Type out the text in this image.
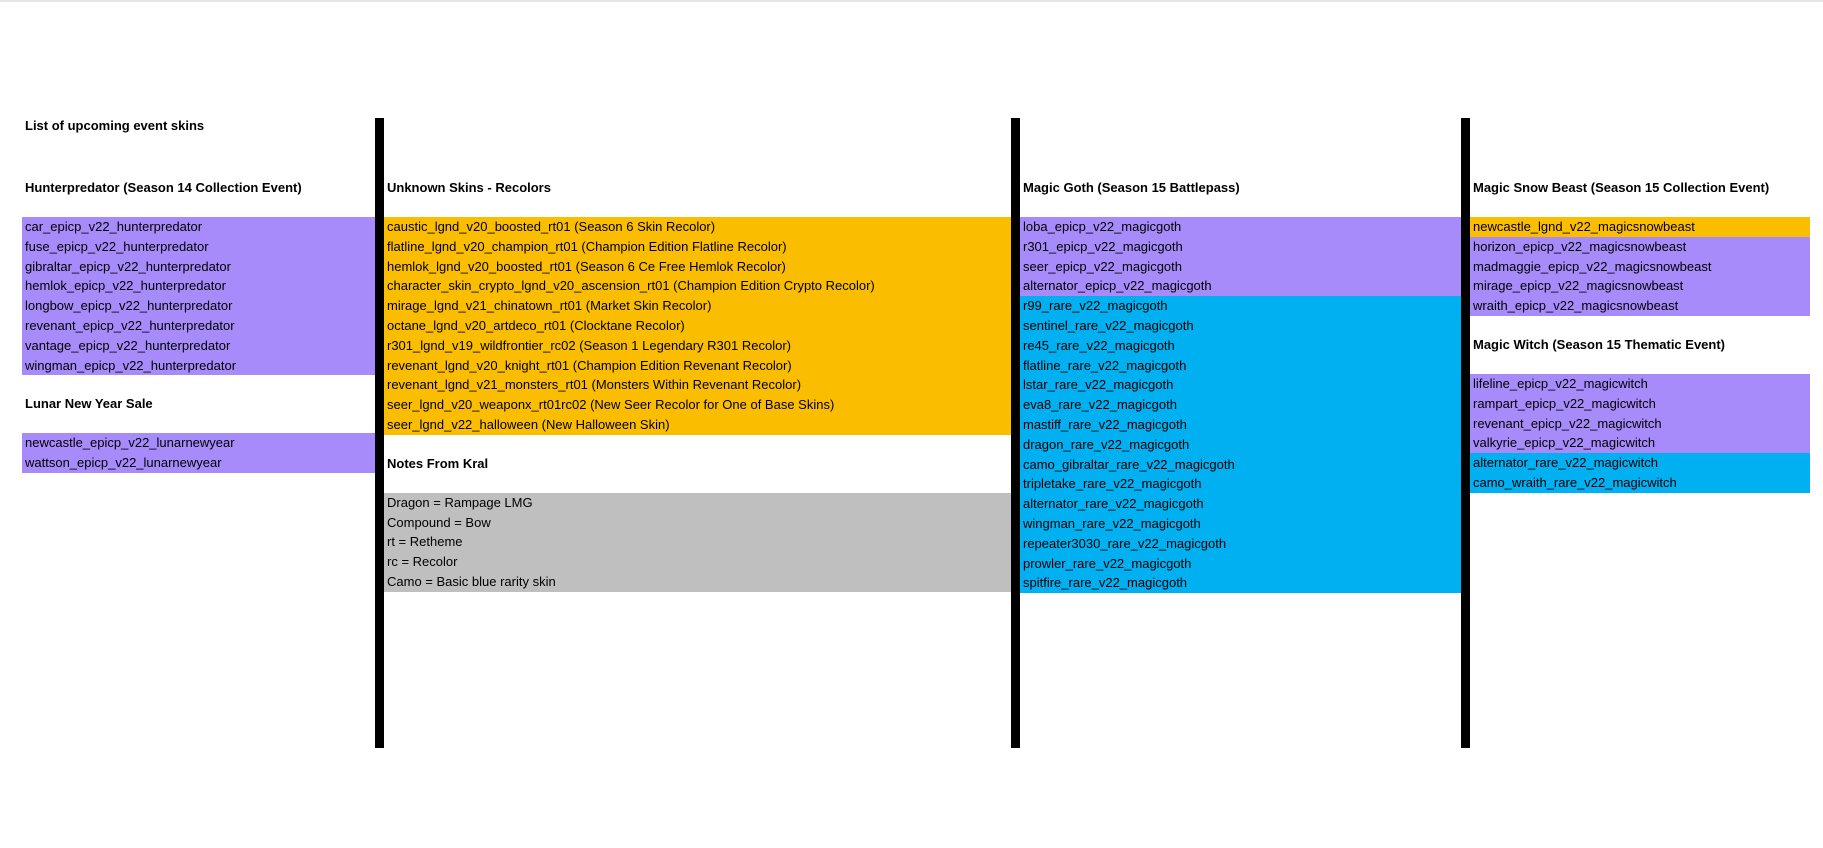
List of upcoming event skins
Hunterpredator (Season 14 Collection Event)
car_epicp_v22_hunterpredator
fuse_epicp_v22_hunterpredator
gibraltar_epicp_v22_hunterpredator
hemlok_epicp_v22_hunterpredator
longbow_epicp_v22_hunterpredator
revenant_epicp_v22_hunterpredator
vantage_epicp_v22_hunterpredator
wingman_epicp_v22_hunterpredator
Lunar New Year Sale
newcastle_epicp_v22_lunarnewyear
wattson_epicp_v22_lunarnewyear
Unknown Skins - Recolors
caustic_lgnd_v20_boosted_rt01 (Season 6 Skin Recolor)
flatline_lgnd_v20_champion_rt01 (Champion Edition Flatline Recolor)
hemlok_lgnd_v20_boosted_rt01 (Season 6 Ce Free Hemlok Recolor)
character_skin_crypto_lgnd_v20_ascension_rt01 (Champion Edition Crypto Recolor)
mirage_lgnd_v21_chinatown_rt01 (Market Skin Recolor)
octane_lgnd_v20_artdeco_rt01 (Clocktane Recolor)
r301_lgnd_v19_wildfrontier_rc02 (Season 1 Legendary R301 Recolor)
revenant_lgnd_v20_knight_rt01 (Champion Edition Revenant Recolor)
revenant_lgnd_v21_monsters_rt01 (Monsters Within Revenant Recolor)
seer_lgnd_v20_weaponx_rt01rc02 (New Seer Recolor for One of Base Skins)
seer_lgnd_v22_halloween (New Halloween Skin)
Notes From Kral
Dragon = Rampage LMG
Compound = Bow
rt = Retheme
rc = Recolor
Camo = Basic blue rarity skin
Magic Goth (Season 15 Battlepass)
loba_epicp_v22_magicgoth
r301_epicp_v22_magicgoth
seer_epicp_v22_magicgoth
alternator_epicp_v22_magicgoth
r99_rare_v22_magicgoth
sentinel_rare_v22_magicgoth
re45_rare_v22_magicgoth
flatline_rare_v22_magicgoth
lstar_rare_v22_magicgoth
eva8_rare_v22_magicgoth
mastiff_rare_v22_magicgoth
dragon_rare_v22_magicgoth
camo_gibraltar_rare_v22_magicgoth
tripletake_rare_v22_magicgoth
alternator_rare_v22_magicgoth
wingman_rare_v22_magicgoth
repeater3030_rare_v22_magicgoth
prowler_rare_v22_magicgoth
spitfire_rare_v22_magicgoth
Magic Snow Beast (Season 15 Collection Event)
newcastle_lgnd_v22_magicsnowbeast
horizon_epicp_v22_magicsnowbeast
madmaggie_epicp_v22_magicsnowbeast
mirage_epicp_v22_magicsnowbeast
wraith_epicp_v22_magicsnowbeast
Magic Witch (Season 15 Thematic Event)
lifeline_epicp_v22_magicwitch
rampart_epicp_v22_magicwitch
revenant_epicp_v22_magicwitch
valkyrie_epicp_v22_magicwitch
alternator_rare_v22_magicwitch
camo_wraith_rare_v22_magicwitch
